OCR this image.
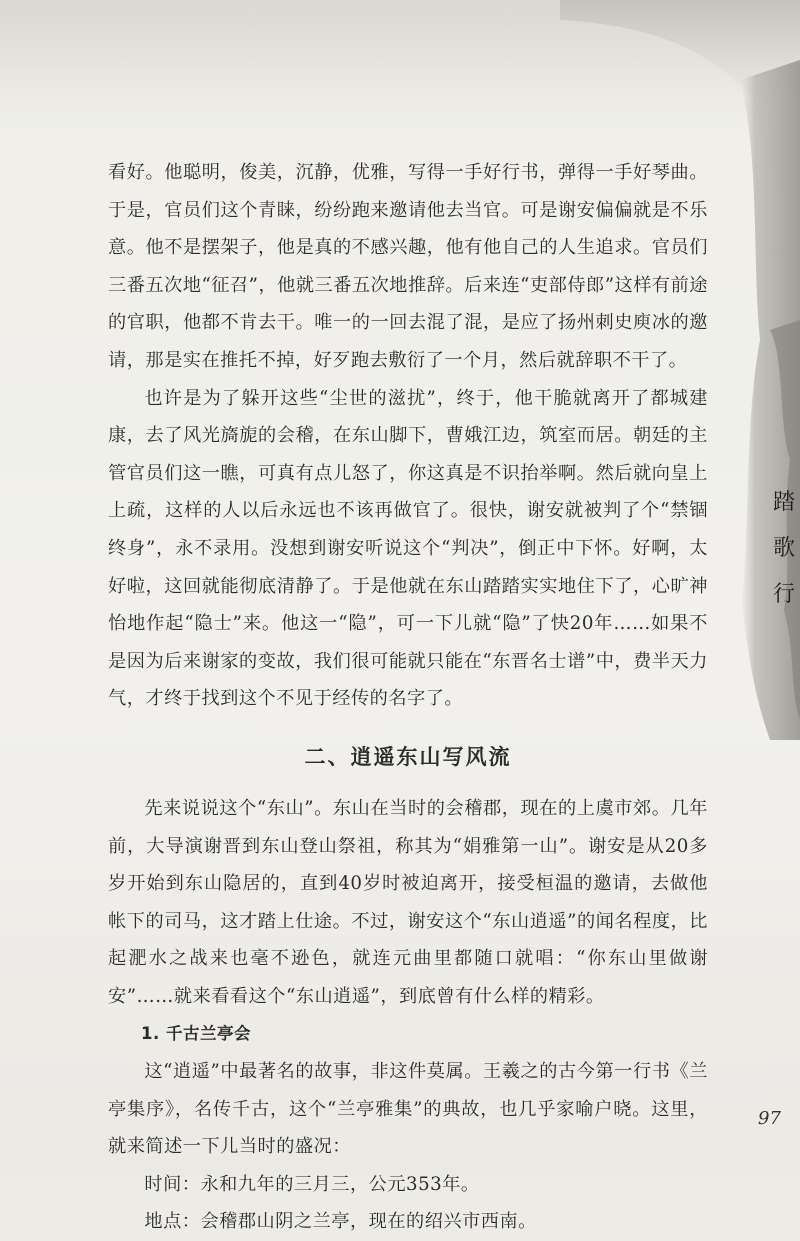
看好。他聪明，俊美，沉静，优雅，写得一手好行书，弹得一手好琴曲。于是，官员们这个青睐，纷纷跑来邀请他去当官。可是谢安偏偏就是不乐意。他不是摆架子，他是真的不感兴趣，他有他自己的人生追求。官员们三番五次地“征召”，他就三番五次地推辞。后来连“吏部侍郎”这样有前途的官职，他都不肯去干。唯一的一回去混了混，是应了扬州刺史庾冰的邀请，那是实在推托不掉，好歹跑去敷衍了一个月，然后就辞职不干了。

也许是为了躲开这些“尘世的滋扰”，终于，他干脆就离开了都城建康，去了风光旖旎的会稽，在东山脚下，曹娥江边，筑室而居。朝廷的主管官员们这一瞧，可真有点儿怒了，你这真是不识抬举啊。然后就向皇上上疏，这样的人以后永远也不该再做官了。很快，谢安就被判了个“禁锢终身”，永不录用。没想到谢安听说这个“判决”，倒正中下怀。好啊，太好啦，这回就能彻底清静了。于是他就在东山踏踏实实地住下了，心旷神怡地作起“隐士”来。他这一“隐”，可一下儿就“隐”了快20年……如果不是因为后来谢家的变故，我们很可能就只能在“东晋名士谱”中，费半天力气，才终于找到这个不见于经传的名字了。

二、逍遥东山写风流

先来说说这个“东山”。东山在当时的会稽郡，现在的上虞市郊。几年前，大导演谢晋到东山登山祭祖，称其为“娟雅第一山”。谢安是从20多岁开始到东山隐居的，直到40岁时被迫离开，接受桓温的邀请，去做他帐下的司马，这才踏上仕途。不过，谢安这个“东山逍遥”的闻名程度，比起淝水之战来也毫不逊色，就连元曲里都随口就唱：“你东山里做谢安”……就来看看这个“东山逍遥”，到底曾有什么样的精彩。

1. 千古兰亭会

这“逍遥”中最著名的故事，非这件莫属。王羲之的古今第一行书《兰亭集序》，名传千古，这个“兰亭雅集”的典故，也几乎家喻户晓。这里，就来简述一下儿当时的盛况：

时间：永和九年的三月三，公元353年。

地点：会稽郡山阴之兰亭，现在的绍兴市西南。

踏
歌
行
97
